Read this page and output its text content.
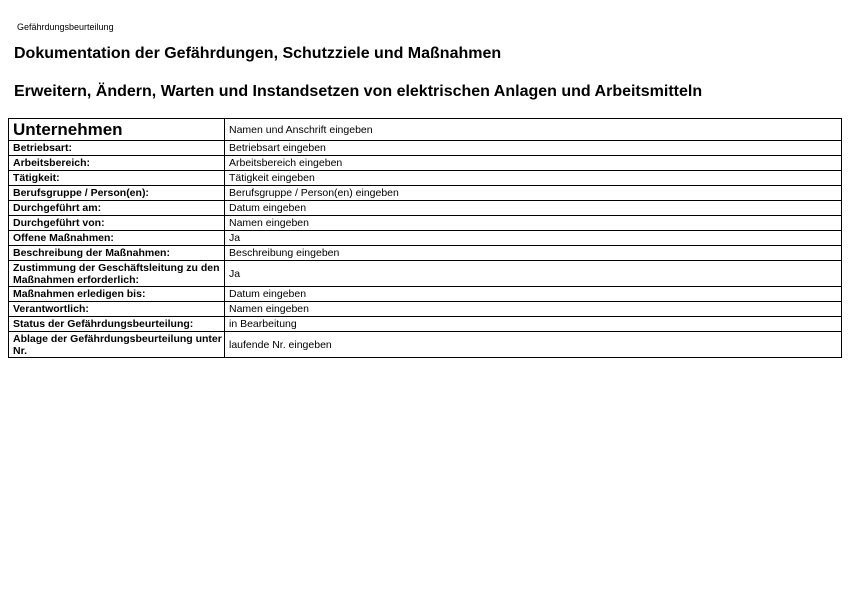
Gefährdungsbeurteilung
Dokumentation der Gefährdungen, Schutzziele und Maßnahmen
Erweitern, Ändern, Warten und Instandsetzen von elektrischen Anlagen und Arbeitsmitteln
Unternehmen	Namen und Anschrift eingeben
Betriebsart:	Betriebsart eingeben
Arbeitsbereich:	Arbeitsbereich eingeben
Tätigkeit:	Tätigkeit eingeben
Berufsgruppe / Person(en):	Berufsgruppe / Person(en) eingeben
Durchgeführt am:	Datum eingeben
Durchgeführt von:	Namen eingeben
Offene Maßnahmen:	Ja
Beschreibung der Maßnahmen:	Beschreibung eingeben
Zustimmung der Geschäftsleitung zu den Maßnahmen erforderlich:	Ja
Maßnahmen erledigen bis:	Datum eingeben
Verantwortlich:	Namen eingeben
Status der Gefährdungsbeurteilung:	in Bearbeitung
Ablage der Gefährdungsbeurteilung unter Nr.	laufende Nr. eingeben
